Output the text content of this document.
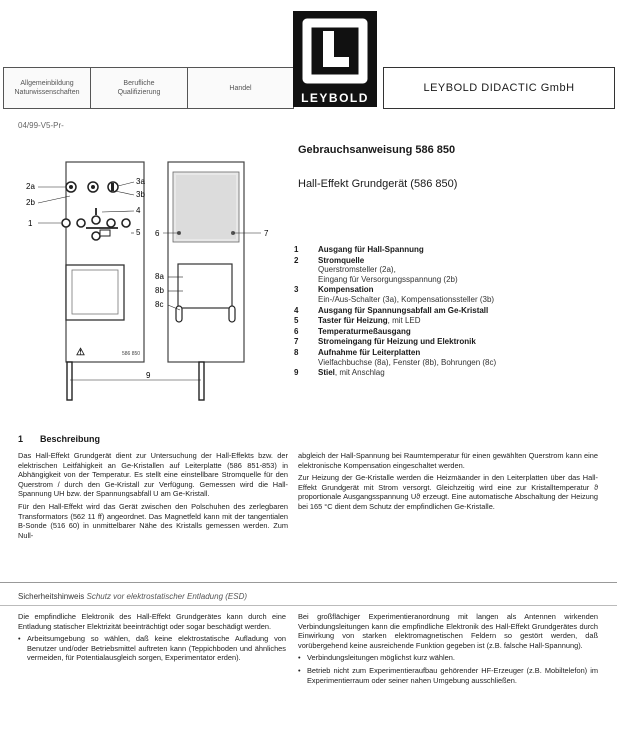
Allgemeinbildung
Naturwissenschaften
Berufliche
Qualifizierung
Handel
LEYBOLD
LEYBOLD DIDACTIC GmbH
04/99-V5-Pr-
⚠	586 850
2a
2b
1
3a
3b
4
5 6	7
8a
8b
8c
9
Gebrauchsanweisung 586 850
Hall-Effekt Grundgerät (586 850)
1	Ausgang für Hall-Spannung
2	Stromquelle
Querstromsteller (2a),
Eingang für Versorgungsspannung (2b)
3	Kompensation
Ein-/Aus-Schalter (3a), Kompensationssteller (3b)
4	Ausgang für Spannungsabfall am Ge-Kristall
5	Taster für Heizung, mit LED
6	Temperaturmeßausgang
7	Stromeingang für Heizung und Elektronik
8	Aufnahme für Leiterplatten
Vielfachbuchse (8a), Fenster (8b), Bohrungen (8c)
9	Stiel, mit Anschlag
1 Beschreibung

Das Hall-Effekt Grundgerät dient zur Untersuchung der Hall-Effekts bzw. der elektrischen Leitfähigkeit an Ge-Kristallen auf Leiterplatte (586 851-853) in Abhängigkeit von der Temperatur. Es stellt eine einstellbare Stromquelle für den Querstrom / durch den Ge-Kristall zur Verfügung. Gemessen wird die Hall-Spannung UH bzw. der Spannungsabfall U am Ge-Kristall.

Für den Hall-Effekt wird das Gerät zwischen den Polschuhen des zerlegbaren Transformators (562 11 ff) angeordnet. Das Magnetfeld kann mit der tangentialen B-Sonde (516 60) in unmittelbarer Nähe des Kristalls gemessen werden. Zum Null-

abgleich der Hall-Spannung bei Raumtemperatur für einen gewählten Querstrom kann eine elektronische Kompensation eingeschaltet werden.

Zur Heizung der Ge-Kristalle werden die Heizmäander in den Leiterplatten über das Hall-Effekt Grundgerät mit Strom versorgt. Gleichzeitig wird eine zur Kristalltemperatur ϑ proportionale Ausgangsspannung Uϑ erzeugt. Eine automatische Abschaltung der Heizung bei 165 °C dient dem Schutz der empfindlichen Ge-Kristalle.

Sicherheitshinweis Schutz vor elektrostatischer Entladung (ESD)

Die empfindliche Elektronik des Hall-Effekt Grundgerätes kann durch eine Entladung statischer Elektrizität beeinträchtigt oder sogar beschädigt werden.

• Arbeitsumgebung so wählen, daß keine elektrostatische Aufladung von Benutzer und/oder Betriebsmittel auftreten kann (Teppichboden und ähnliches vermeiden, für Potentialausgleich sorgen, Experimentator erden).

Bei großflächiger Experimentieranordnung mit langen als Antennen wirkenden Verbindungsleitungen kann die empfindliche Elektronik des Hall-Effekt Grundgerätes durch Einwirkung von starken elektromagnetischen Feldern so gestört werden, daß vorübergehend keine ausreichende Funktion gegeben ist (z.B. falsche Hall-Spannung).

• Verbindungsleitungen möglichst kurz wählen.
• Betrieb nicht zum Experimentieraufbau gehörender HF-Erzeuger (z.B. Mobiltelefon) im Experimentierraum oder seiner nahen Umgebung ausschließen.
